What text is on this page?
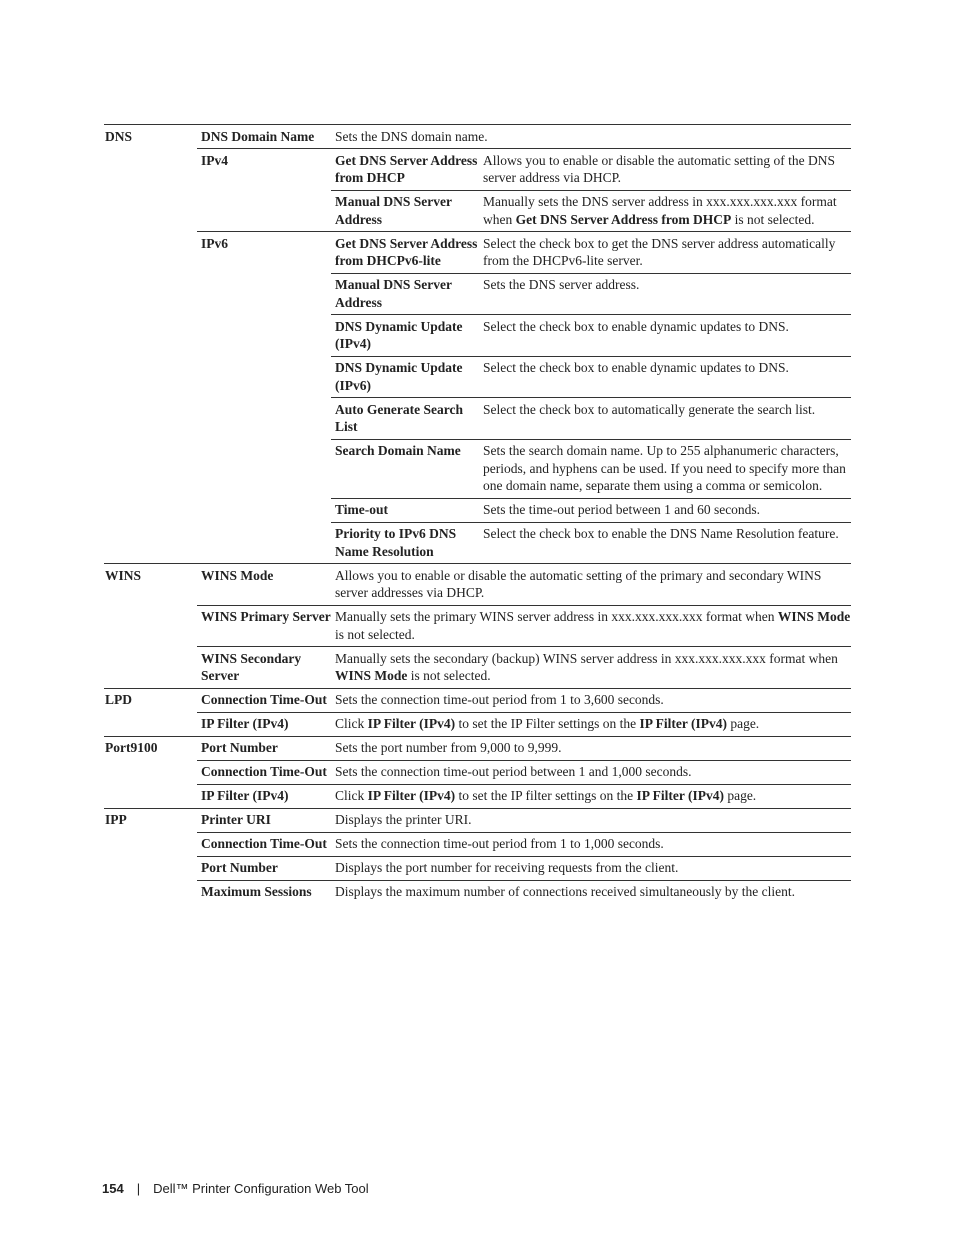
DNS	DNS Domain Name	Sets the DNS domain name.	
	IPv4	Get DNS Server Address from DHCP	Allows you to enable or disable the automatic setting of the DNS server address via DHCP.
		Manual DNS Server Address	Manually sets the DNS server address in xxx.xxx.xxx.xxx format when Get DNS Server Address from DHCP is not selected.
	IPv6	Get DNS Server Address from DHCPv6-lite	Select the check box to get the DNS server address automatically from the DHCPv6-lite server.
		Manual DNS Server Address	Sets the DNS server address.
		DNS Dynamic Update (IPv4)	Select the check box to enable dynamic updates to DNS.
		DNS Dynamic Update (IPv6)	Select the check box to enable dynamic updates to DNS.
		Auto Generate Search List	Select the check box to automatically generate the search list.
		Search Domain Name	Sets the search domain name. Up to 255 alphanumeric characters, periods, and hyphens can be used. If you need to specify more than one domain name, separate them using a comma or semicolon.
		Time-out	Sets the time-out period between 1 and 60 seconds.
		Priority to IPv6 DNS Name Resolution	Select the check box to enable the DNS Name Resolution feature.
WINS	WINS Mode	Allows you to enable or disable the automatic setting of the primary and secondary WINS server addresses via DHCP.	
	WINS Primary Server	Manually sets the primary WINS server address in xxx.xxx.xxx.xxx format when WINS Mode is not selected.	
	WINS Secondary Server	Manually sets the secondary (backup) WINS server address in xxx.xxx.xxx.xxx format when WINS Mode is not selected.	
LPD	Connection Time-Out	Sets the connection time-out period from 1 to 3,600 seconds.	
	IP Filter (IPv4)	Click IP Filter (IPv4) to set the IP Filter settings on the IP Filter (IPv4) page.	
Port9100	Port Number	Sets the port number from 9,000 to 9,999.	
	Connection Time-Out	Sets the connection time-out period between 1 and 1,000 seconds.	
	IP Filter (IPv4)	Click IP Filter (IPv4) to set the IP filter settings on the IP Filter (IPv4) page.	
IPP	Printer URI	Displays the printer URI.	
	Connection Time-Out	Sets the connection time-out period from 1 to 1,000 seconds.	
	Port Number	Displays the port number for receiving requests from the client.	
	Maximum Sessions	Displays the maximum number of connections received simultaneously by the client.	
154 | Dell™ Printer Configuration Web Tool
